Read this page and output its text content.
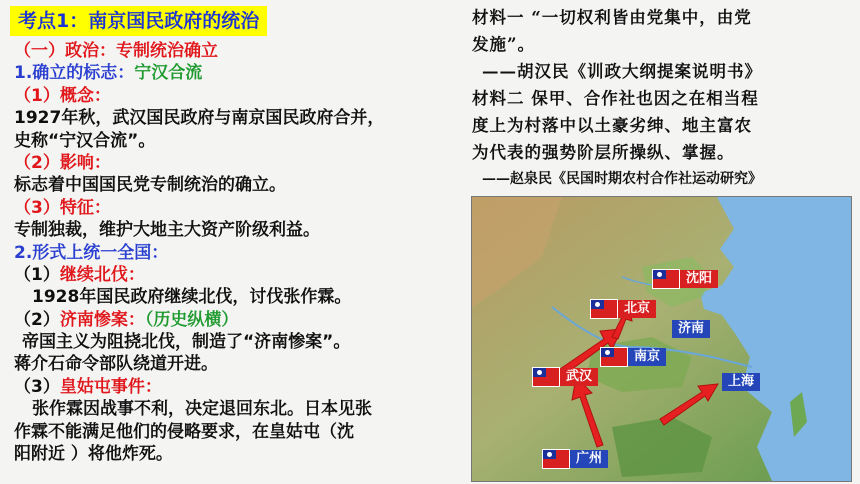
考点1：南京国民政府的统治
（一）政治：专制统治确立
1.确立的标志：宁汉合流
（1）概念：
1927年秋，武汉国民政府与南京国民政府合并，
史称“宁汉合流”。
（2）影响：
标志着中国国民党专制统治的确立。
（3）特征：
专制独裁，维护大地主大资产阶级利益。
2.形式上统一全国：
（1）继续北伐：
1928年国民政府继续北伐，讨伐张作霖。
（2）济南惨案：（历史纵横）
帝国主义为阻挠北伐，制造了“济南惨案”。
蒋介石命令部队绕道开进。
（3）皇姑屯事件：
张作霖因战事不利，决定退回东北。日本见张
作霖不能满足他们的侵略要求，在皇姑屯（沈
阳附近 ）将他炸死。
材料一 “一切权利皆由党集中，由党
发施”。
——胡汉民《训政大纲提案说明书》
材料二 保甲、合作社也因之在相当程
度上为村落中以土豪劣绅、地主富农
为代表的强势阶层所操纵、掌握。
——赵泉民《民国时期农村合作社运动研究》
沈阳
北京
济南
南京
武汉	上海
广州
